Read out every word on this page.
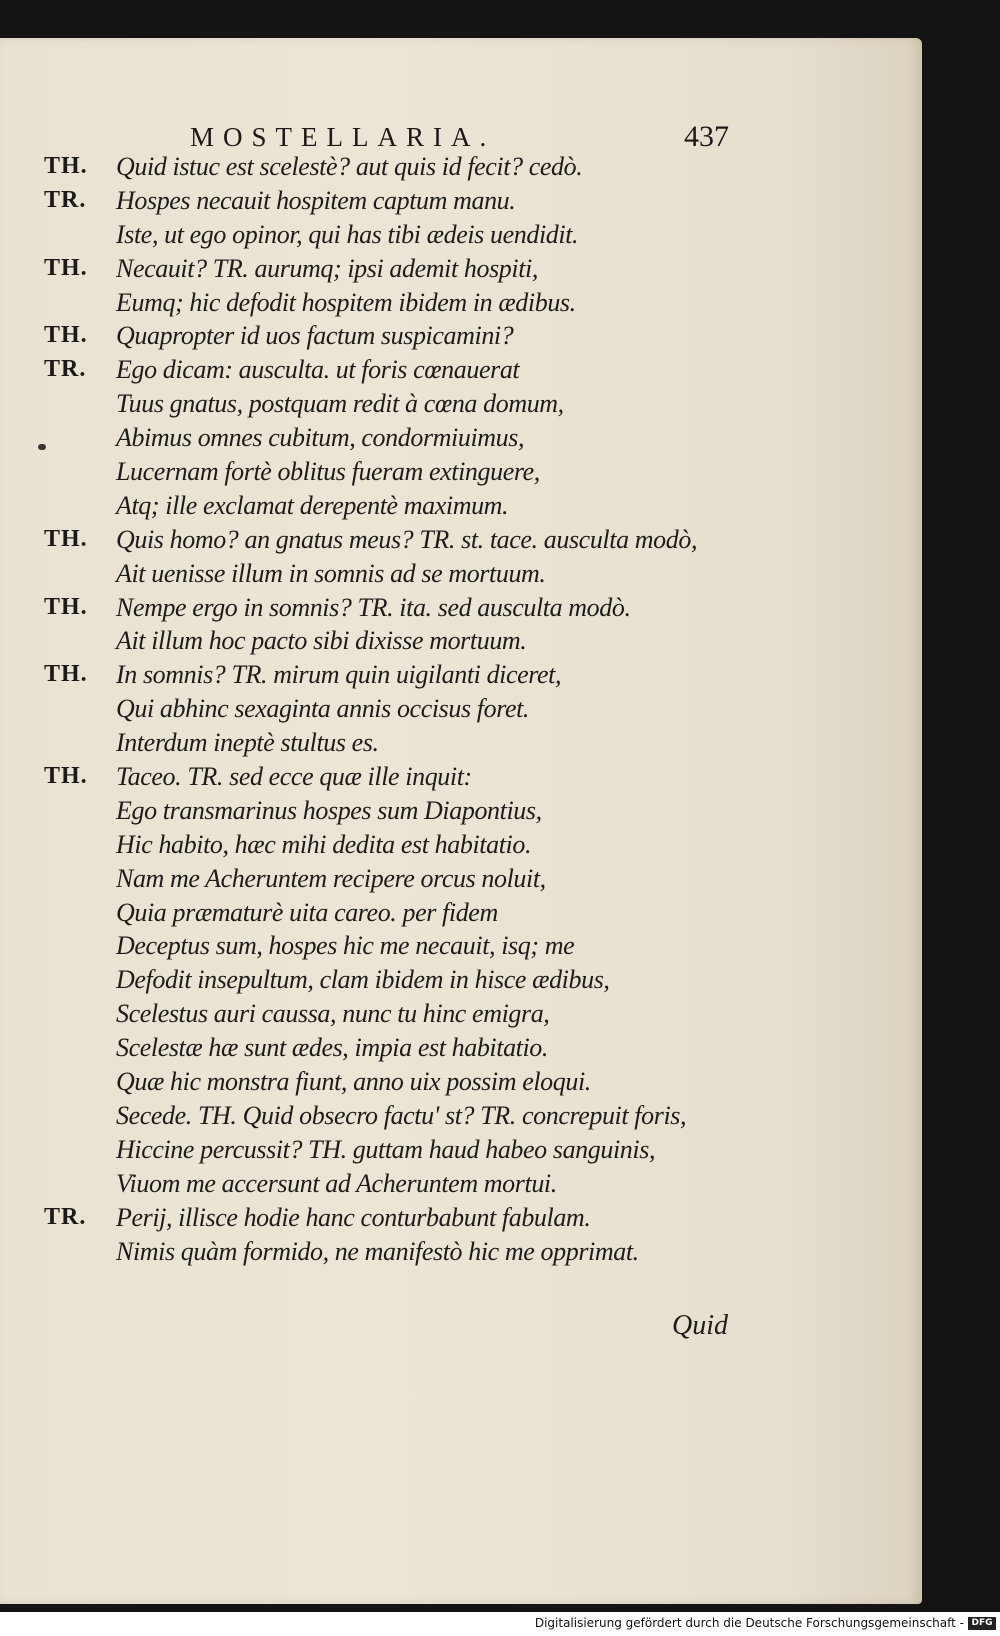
MOSTELLARIA.	437
TH. Quid istuc est scelestè? aut quis id fecit? cedò.
TR. Hospes necauit hospitem captum manu.
Iste, ut ego opinor, qui has tibi ædeis uendidit.
TH. Necauit? TR. aurumq; ipsi ademit hospiti,
Eumq; hic defodit hospitem ibidem in ædibus.
TH. Quapropter id uos factum suspicamini?
TR. Ego dicam: ausculta. ut foris cœnauerat
Tuus gnatus, postquam redit à cœna domum,
Abimus omnes cubitum, condormiuimus,
Lucernam fortè oblitus fueram extinguere,
Atq; ille exclamat derepentè maximum.
TH. Quis homo? an gnatus meus? TR. st. tace. ausculta modò,
Ait uenisse illum in somnis ad se mortuum.
TH. Nempe ergo in somnis? TR. ita. sed ausculta modò.
Ait illum hoc pacto sibi dixisse mortuum.
TH. In somnis? TR. mirum quin uigilanti diceret,
Qui abhinc sexaginta annis occisus foret.
Interdum ineptè stultus es.
TH. Taceo. TR. sed ecce quæ ille inquit:
Ego transmarinus hospes sum Diapontius,
Hic habito, hæc mihi dedita est habitatio.
Nam me Acheruntem recipere orcus noluit,
Quia præmaturè uita careo. per fidem
Deceptus sum, hospes hic me necauit, isq; me
Defodit insepultum, clam ibidem in hisce ædibus,
Scelestus auri caussa, nunc tu hinc emigra,
Scelestæ hæ sunt ædes, impia est habitatio.
Quæ hic monstra fiunt, anno uix possim eloqui.
Secede. TH. Quid obsecro factu' st? TR. concrepuit foris,
Hiccine percussit? TH. guttam haud habeo sanguinis,
Viuom me accersunt ad Acheruntem mortui.
TR. Perij, illisce hodie hanc conturbabunt fabulam.
Nimis quàm formido, ne manifestò hic me opprimat.
Quid
Digitalisierung gefördert durch die Deutsche Forschungsgemeinschaft - DFG
